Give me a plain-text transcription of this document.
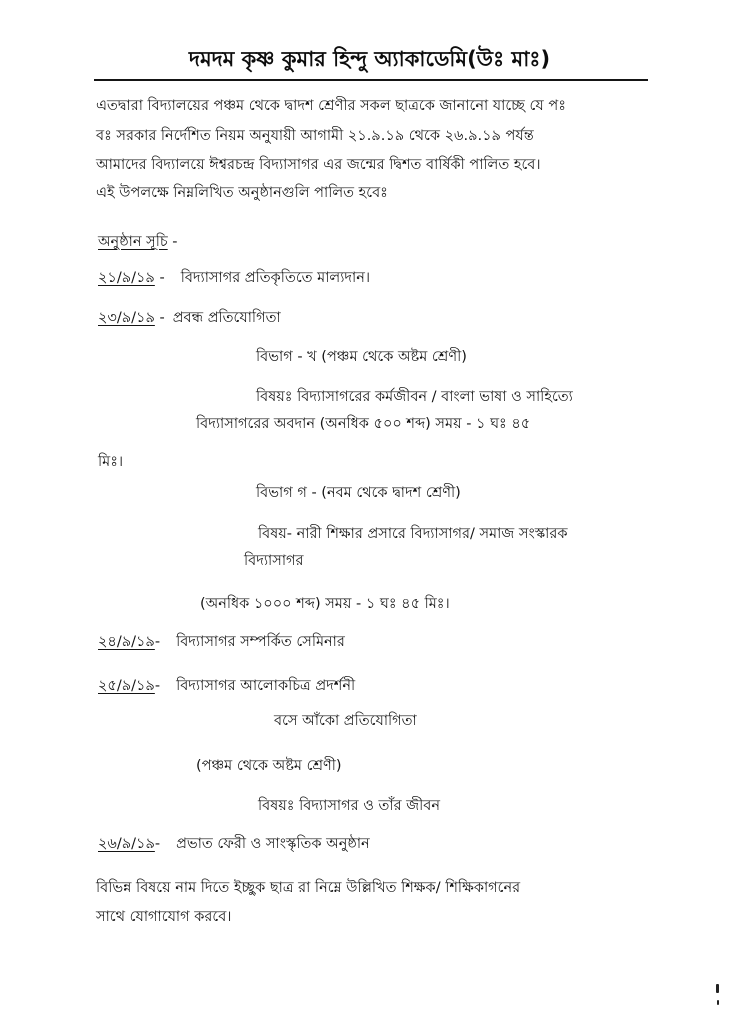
দমদম কৃষ্ণ কুমার হিন্দু অ্যাকাডেমি(উঃ মাঃ)
এতদ্বারা বিদ্যালয়ের পঞ্চম থেকে দ্বাদশ শ্রেণীর সকল ছাত্রকে জানানো যাচ্ছে যে পঃ
বঃ সরকার নির্দেশিত নিয়ম অনুযায়ী আগামী ২১.৯.১৯ থেকে ২৬.৯.১৯ পর্যন্ত
আমাদের বিদ্যালয়ে ঈশ্বরচন্দ্র বিদ্যাসাগর এর জন্মের দ্বিশত বার্ষিকী পালিত হবে।
এই উপলক্ষে নিম্নলিখিত অনুষ্ঠানগুলি পালিত হবেঃ
অনুষ্ঠান সূচি -
২১/৯/১৯ - বিদ্যাসাগর প্রতিকৃতিতে মাল্যদান।
২৩/৯/১৯ - প্রবন্ধ প্রতিযোগিতা
বিভাগ - খ (পঞ্চম থেকে অষ্টম শ্রেণী)
বিষয়ঃ বিদ্যাসাগরের কর্মজীবন / বাংলা ভাষা ও সাহিত্যে
বিদ্যাসাগরের অবদান (অনধিক ৫০০ শব্দ) সময় - ১ ঘঃ ৪৫
মিঃ।
বিভাগ গ - (নবম থেকে দ্বাদশ শ্রেণী)
বিষয়- নারী শিক্ষার প্রসারে বিদ্যাসাগর/ সমাজ সংস্কারক
বিদ্যাসাগর
(অনধিক ১০০০ শব্দ) সময় - ১ ঘঃ ৪৫ মিঃ।
২৪/৯/১৯- বিদ্যাসাগর সম্পর্কিত সেমিনার
২৫/৯/১৯- বিদ্যাসাগর আলোকচিত্র প্রদর্শনী
বসে আঁকো প্রতিযোগিতা
(পঞ্চম থেকে অষ্টম শ্রেণী)
বিষয়ঃ বিদ্যাসাগর ও তাঁর জীবন
২৬/৯/১৯- প্রভাত ফেরী ও সাংস্কৃতিক অনুষ্ঠান
বিভিন্ন বিষয়ে নাম দিতে ইচ্ছুক ছাত্র রা নিম্নে উল্লিখিত শিক্ষক/ শিক্ষিকাগনের
সাথে যোগাযোগ করবে।
